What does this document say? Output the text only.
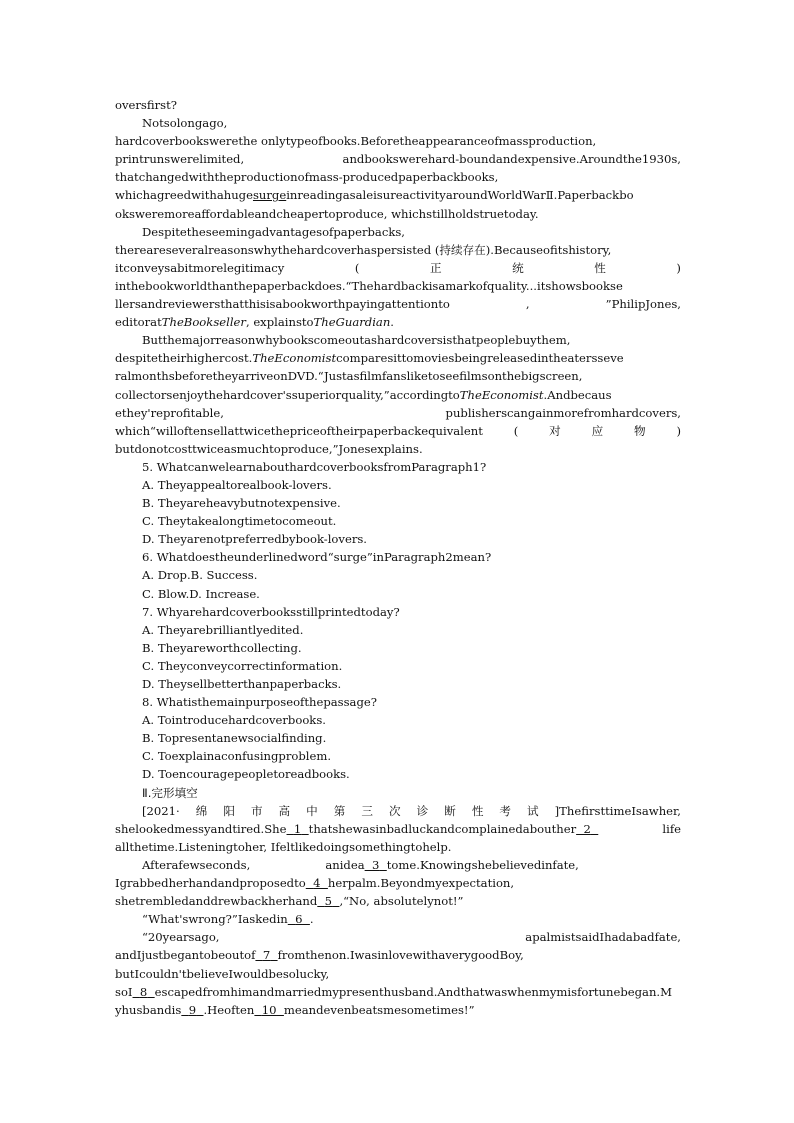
oversfirst?
Notsolongago,
hardcoverbookswerethe onlytypeofbooks.Beforetheappearanceofmassproduction,
printrunswerelimited,	andbookswerehard-boundandexpensive.Aroundthe1930s,
thatchangedwiththeproductionofmass-producedpaperbackbooks,
whichagreedwithahugesurgeinreadingasaleisureactivityaroundWorldWarⅡ.Paperbackbo
oksweremoreaffordableandcheapertoproduce, whichstillholdstruetoday.
Despitetheseemingadvantagesofpaperbacks,
thereareseveralreasonswhythehardcoverhaspersisted (持续存在).Becauseofitshistory,
itconveysabitmorelegitimacy	(	正	统	性	)
inthebookworldthanthepaperbackdoes.“Thehardbackisamarkofquality...itshowsbookse
llersandreviewersthatthisisabookworthpayingattentionto	,	”PhilipJones,
editoratTheBookseller, explainstoTheGuardian.
Butthemajorreasonwhybookscomeoutashardcoversisthatpeoplebuythem,
despitetheirhighercost.TheEconomistcomparesittomoviesbeingreleasedintheatersseve
ralmonthsbeforetheyarriveonDVD.“Justasfilmfansliketoseefilmsonthebigscreen,
collectorsenjoythehardcover'ssuperiorquality,”accordingtoTheEconomist.Andbecaus
ethey'reprofitable,	publisherscangainmorefromhardcovers,
which“willoftensellattwicethepriceoftheirpaperbackequivalent	(	对	应	物	)
butdonotcosttwiceasmuchtoproduce,”Jonesexplains.
5. WhatcanwelearnabouthardcoverbooksfromParagraph1?
A. Theyappealtorealbook-lovers.
B. Theyareheavybutnotexpensive.
C. Theytakealongtimetocomeout.
D. Theyarenotpreferredbybook-lovers.
6. Whatdoestheunderlinedword“surge”inParagraph2mean?
A. Drop.B. Success.
C. Blow.D. Increase.
7. Whyarehardcoverbooksstillprintedtoday?
A. Theyarebrilliantlyedited.
B. Theyareworthcollecting.
C. Theyconveycorrectinformation.
D. Theysellbetterthanpaperbacks.
8. Whatisthemainpurposeofthepassage?
A. Tointroducehardcoverbooks.
B. Topresentanewsocialfinding.
C. Toexplainaconfusingproblem.
D. Toencouragepeopletoreadbooks.
Ⅱ.完形填空
[2021· 绵 阳 市 高 中 第 三 次 诊 断 性 考 试 ]ThefirsttimeIsawher,
shelookedmessyandtired.She 1 thatshewasinbadluckandcomplainedabouther 2	life
allthetime.Listeningtoher, Ifeltlikedoingsomethingtohelp.
Afterafewseconds,	anidea 3 tome.Knowingshebelievedinfate,
Igrabbedherhandandproposedto 4 herpalm.Beyondmyexpectation,
shetrembledanddrewbackherhand 5 ,“No, absolutelynot!”
“What'swrong?”Iaskedin 6 .
“20yearsago,	apalmistsaidIhadabadfate,
andIjustbegantobeoutof 7 fromthenon.IwasinlovewithaverygoodBoy,
butIcouldn'tbelieveIwouldbesolucky,
soI 8 escapedfromhimandmarriedmypresenthusband.Andthatwaswhenmymisfortunebegan.M
yhusbandis 9 .Heoften 10 meandevenbeatsmesometimes!”
